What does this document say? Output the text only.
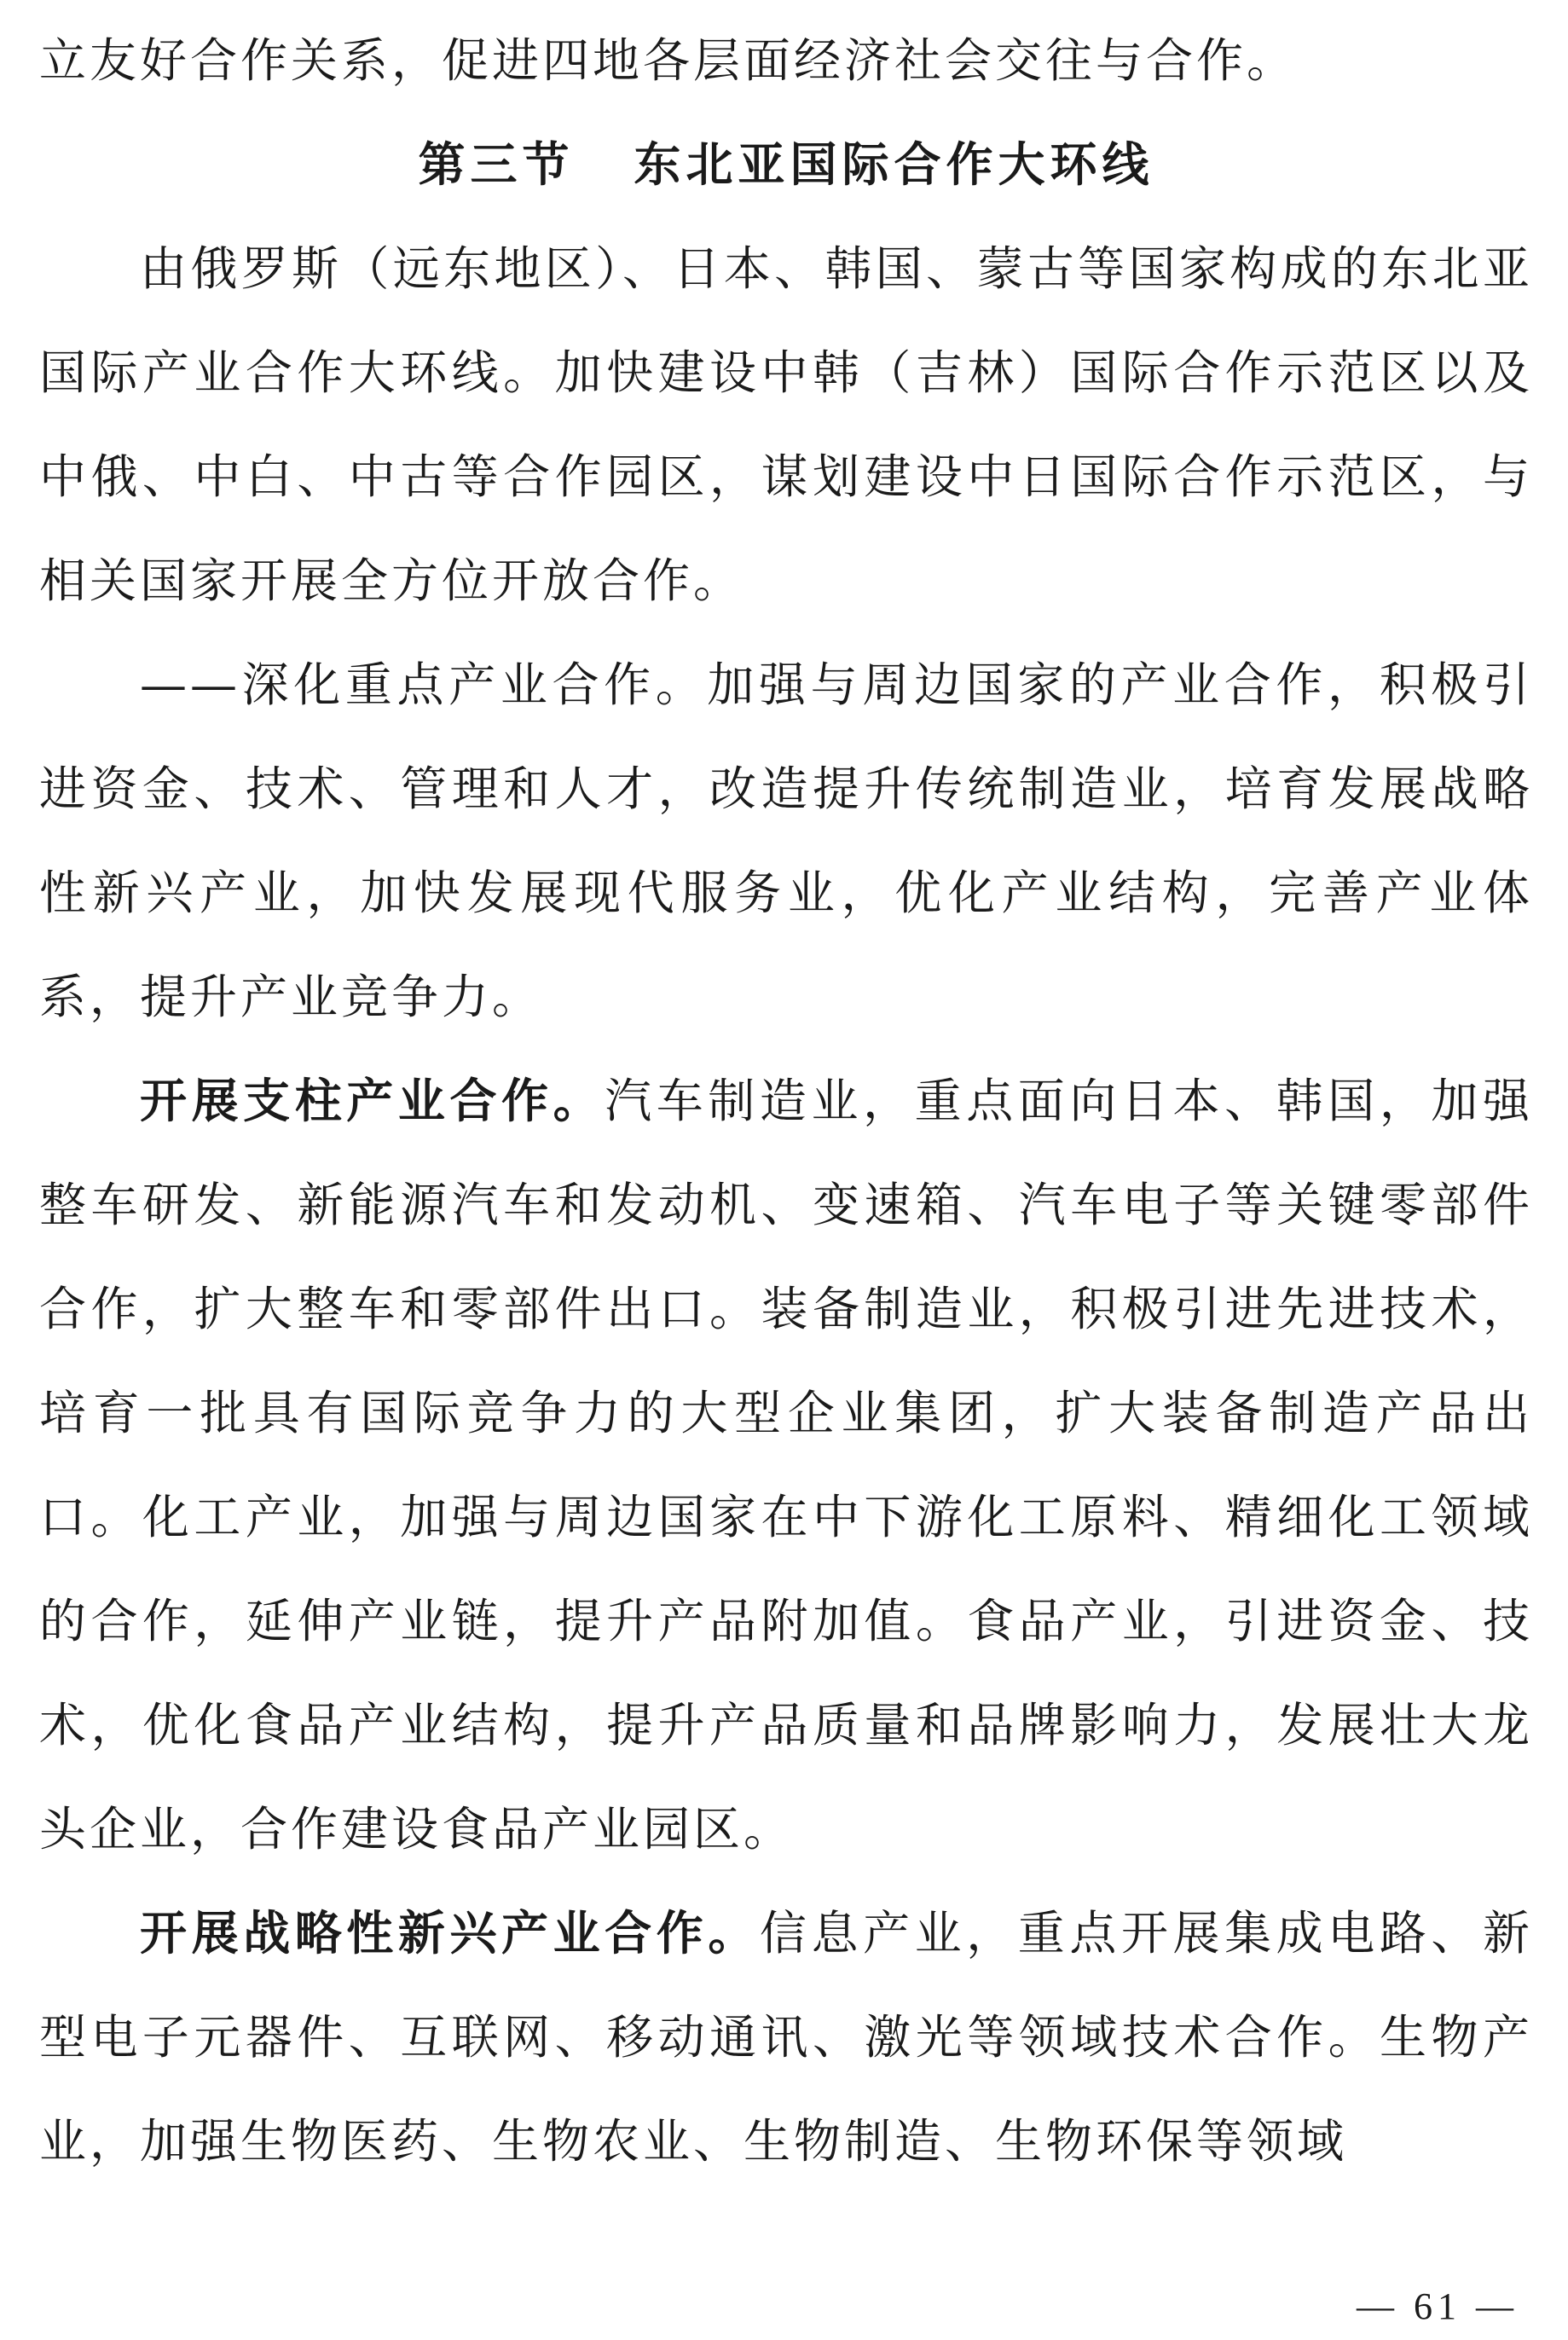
立友好合作关系，促进四地各层面经济社会交往与合作。

第三节 东北亚国际合作大环线

由俄罗斯（远东地区）、日本、韩国、蒙古等国家构成的东北亚国际产业合作大环线。加快建设中韩（吉林）国际合作示范区以及中俄、中白、中古等合作园区，谋划建设中日国际合作示范区，与相关国家开展全方位开放合作。

——深化重点产业合作。加强与周边国家的产业合作，积极引进资金、技术、管理和人才，改造提升传统制造业，培育发展战略性新兴产业，加快发展现代服务业，优化产业结构，完善产业体系，提升产业竞争力。

开展支柱产业合作。汽车制造业，重点面向日本、韩国，加强整车研发、新能源汽车和发动机、变速箱、汽车电子等关键零部件合作，扩大整车和零部件出口。装备制造业，积极引进先进技术，培育一批具有国际竞争力的大型企业集团，扩大装备制造产品出口。化工产业，加强与周边国家在中下游化工原料、精细化工领域的合作，延伸产业链，提升产品附加值。食品产业，引进资金、技术，优化食品产业结构，提升产品质量和品牌影响力，发展壮大龙头企业，合作建设食品产业园区。

开展战略性新兴产业合作。信息产业，重点开展集成电路、新型电子元器件、互联网、移动通讯、激光等领域技术合作。生物产业，加强生物医药、生物农业、生物制造、生物环保等领域

— 61 —
